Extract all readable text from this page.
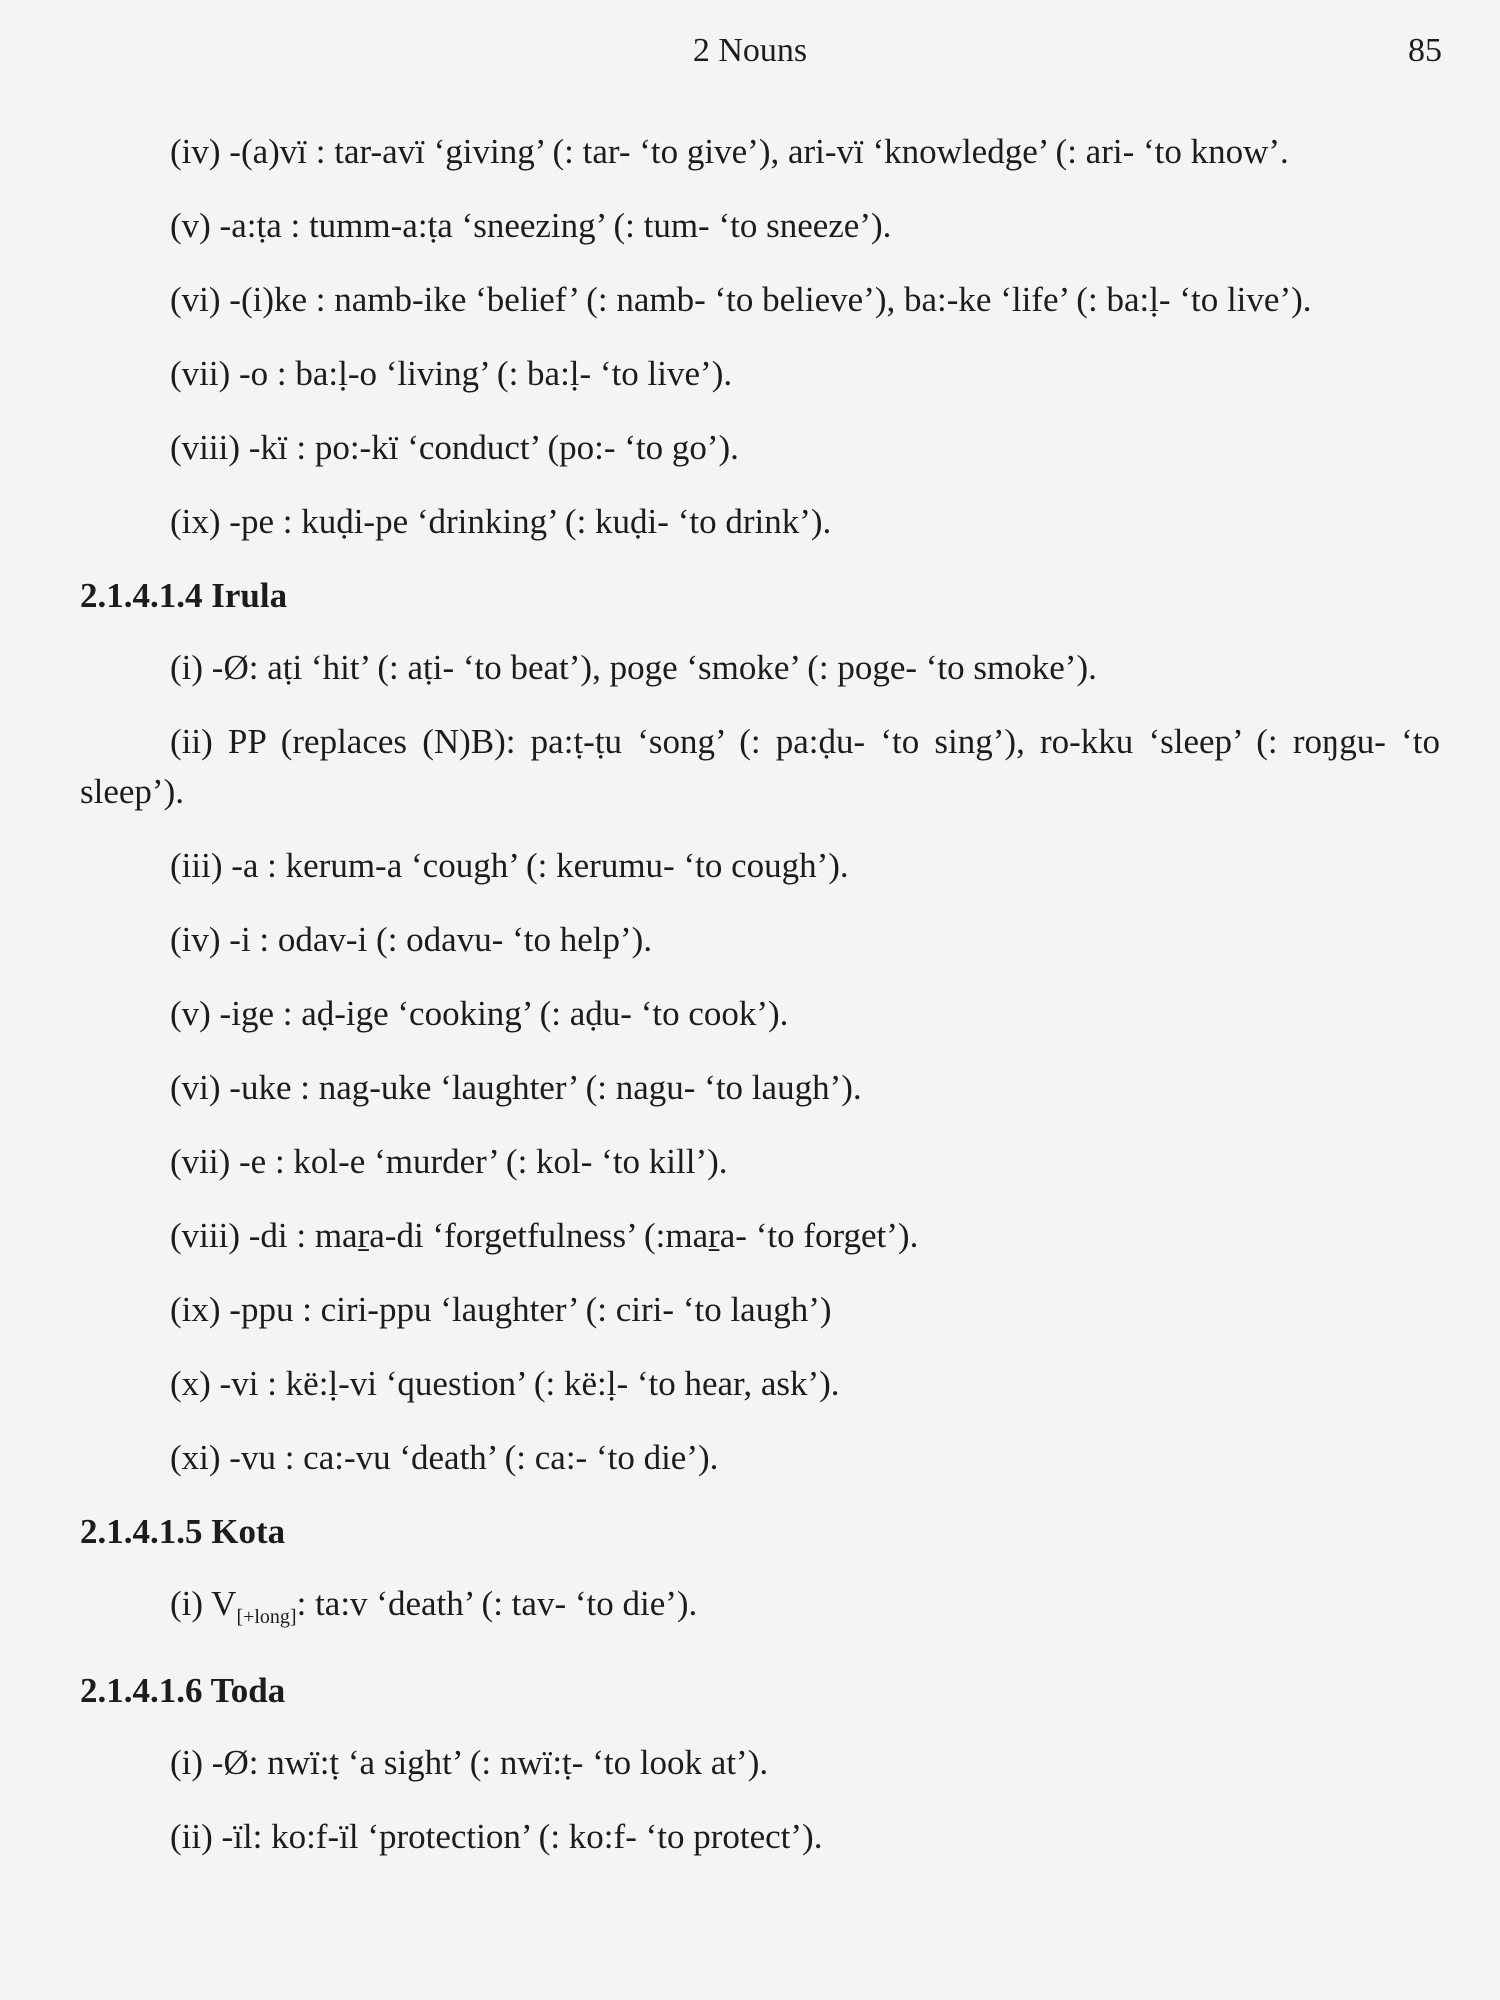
2 Nouns	85

(iv) -(a)vï : tar-avï ‘giving’ (: tar- ‘to give’), ari-vï ‘knowledge’ (: ari- ‘to know’.

(v) -a:ṭa : tumm-a:ṭa ‘sneezing’ (: tum- ‘to sneeze’).

(vi) -(i)ke : namb-ike ‘belief’ (: namb- ‘to believe’), ba:-ke ‘life’ (: ba:ḷ- ‘to live’).

(vii) -o : ba:ḷ-o ‘living’ (: ba:ḷ- ‘to live’).

(viii) -kï : po:-kï ‘conduct’ (po:- ‘to go’).

(ix) -pe : kuḍi-pe ‘drinking’ (: kuḍi- ‘to drink’).

2.1.4.1.4 Irula

(i) -Ø: aṭi ‘hit’ (: aṭi- ‘to beat’), poge ‘smoke’ (: poge- ‘to smoke’).

(ii) PP (replaces (N)B): pa:ṭ-ṭu ‘song’ (: pa:ḍu- ‘to sing’), ro-kku ‘sleep’ (: roŋgu- ‘to sleep’).

(iii) -a : kerum-a ‘cough’ (: kerumu- ‘to cough’).

(iv) -i : odav-i (: odavu- ‘to help’).

(v) -ige : aḍ-ige ‘cooking’ (: aḍu- ‘to cook’).

(vi) -uke : nag-uke ‘laughter’ (: nagu- ‘to laugh’).

(vii) -e : kol-e ‘murder’ (: kol- ‘to kill’).

(viii) -di : maṟa-di ‘forgetfulness’ (:maṟa- ‘to forget’).

(ix) -ppu : ciri-ppu ‘laughter’ (: ciri- ‘to laugh’)

(x) -vi : kë:ḷ-vi ‘question’ (: kë:ḷ- ‘to hear, ask’).

(xi) -vu : ca:-vu ‘death’ (: ca:- ‘to die’).

2.1.4.1.5 Kota

(i) $V_{[+long]}$: ta:v ‘death’ (: tav- ‘to die’).

2.1.4.1.6 Toda

(i) -Ø: nwï:ṭ ‘a sight’ (: nwï:ṭ- ‘to look at’).

(ii) -ïl: ko:f-ïl ‘protection’ (: ko:f- ‘to protect’).
